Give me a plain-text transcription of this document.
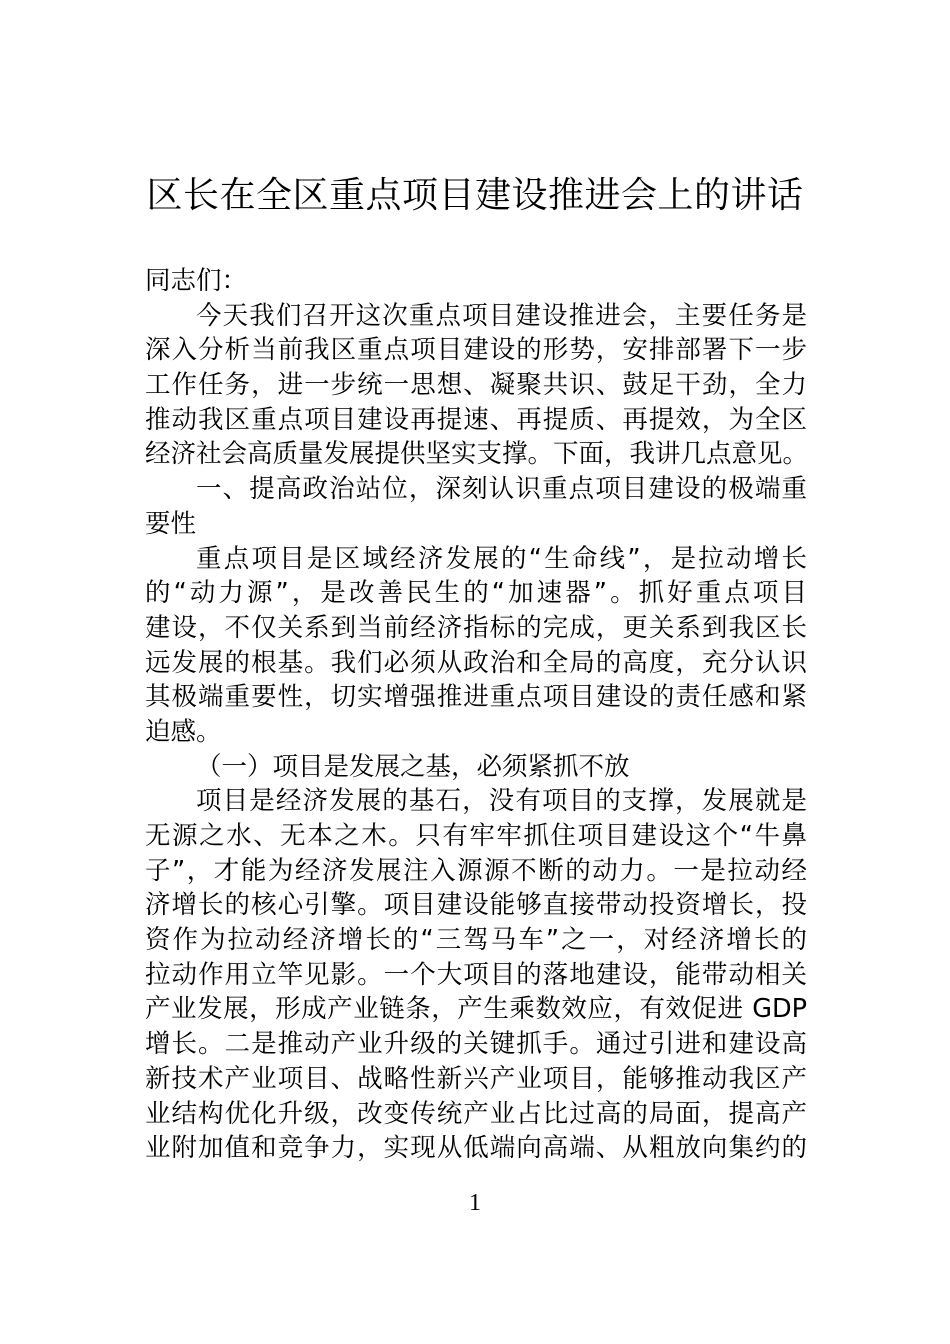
区长在全区重点项目建设推进会上的讲话
同志们：
今天我们召开这次重点项目建设推进会，主要任务是
深入分析当前我区重点项目建设的形势，安排部署下一步
工作任务，进一步统一思想、凝聚共识、鼓足干劲，全力
推动我区重点项目建设再提速、再提质、再提效，为全区
经济社会高质量发展提供坚实支撑。下面，我讲几点意见。
一、提高政治站位，深刻认识重点项目建设的极端重
要性
重点项目是区域经济发展的“生命线”，是拉动增长
的“动力源”，是改善民生的“加速器”。抓好重点项目
建设，不仅关系到当前经济指标的完成，更关系到我区长
远发展的根基。我们必须从政治和全局的高度，充分认识
其极端重要性，切实增强推进重点项目建设的责任感和紧
迫感。
（一）项目是发展之基，必须紧抓不放
项目是经济发展的基石，没有项目的支撑，发展就是
无源之水、无本之木。只有牢牢抓住项目建设这个“牛鼻
子”，才能为经济发展注入源源不断的动力。一是拉动经
济增长的核心引擎。项目建设能够直接带动投资增长，投
资作为拉动经济增长的“三驾马车”之一，对经济增长的
拉动作用立竿见影。一个大项目的落地建设，能带动相关
产业发展，形成产业链条，产生乘数效应，有效促进 GDP
增长。二是推动产业升级的关键抓手。通过引进和建设高
新技术产业项目、战略性新兴产业项目，能够推动我区产
业结构优化升级，改变传统产业占比过高的局面，提高产
业附加值和竞争力，实现从低端向高端、从粗放向集约的
1
